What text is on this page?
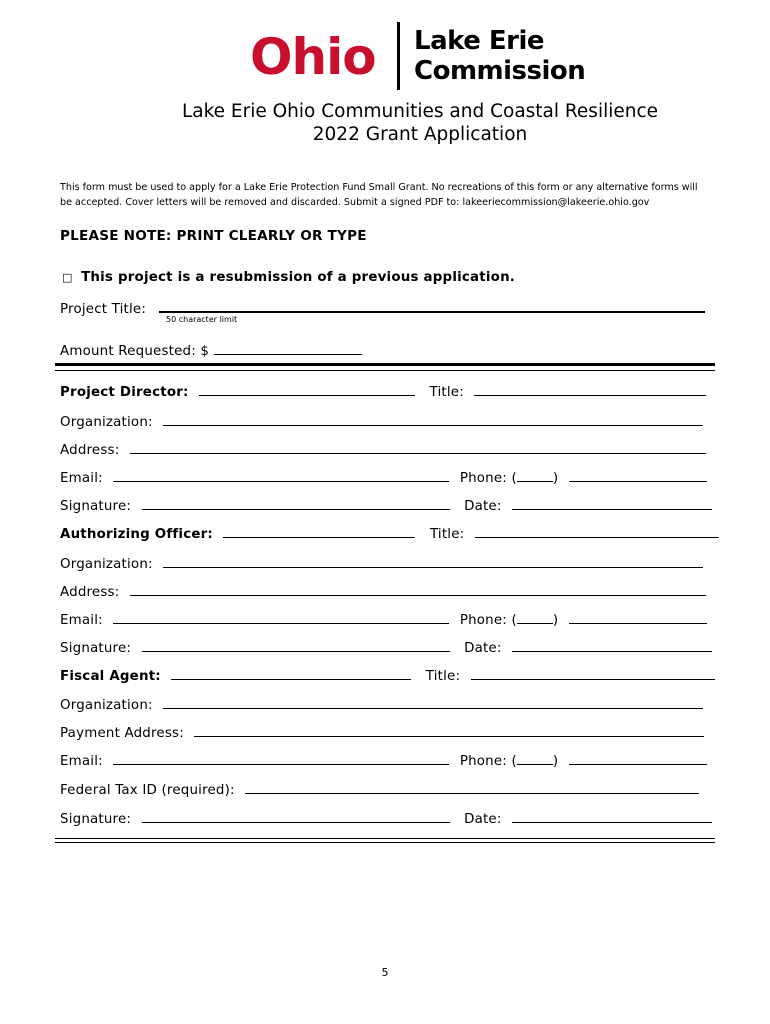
Ohio Lake Erie
Commission
Lake Erie Ohio Communities and Coastal Resilience
2022 Grant Application
This form must be used to apply for a Lake Erie Protection Fund Small Grant. No recreations of this form or any alternative forms will
be accepted. Cover letters will be removed and discarded. Submit a signed PDF to: lakeeriecommission@lakeerie.ohio.gov
PLEASE NOTE: PRINT CLEARLY OR TYPE
□ This project is a resubmission of a previous application.
Project Title:
50 character limit
Amount Requested: $
Project Director:	Title:
Organization:
Address:
Email:	Phone: (	)
Signature:	Date:
Authorizing Officer:	Title:
Organization:
Address:
Email:	Phone: (	)
Signature:	Date:
Fiscal Agent:	Title:
Organization:
Payment Address:
Email:	Phone: (	)
Federal Tax ID (required):
Signature:	Date:
5
